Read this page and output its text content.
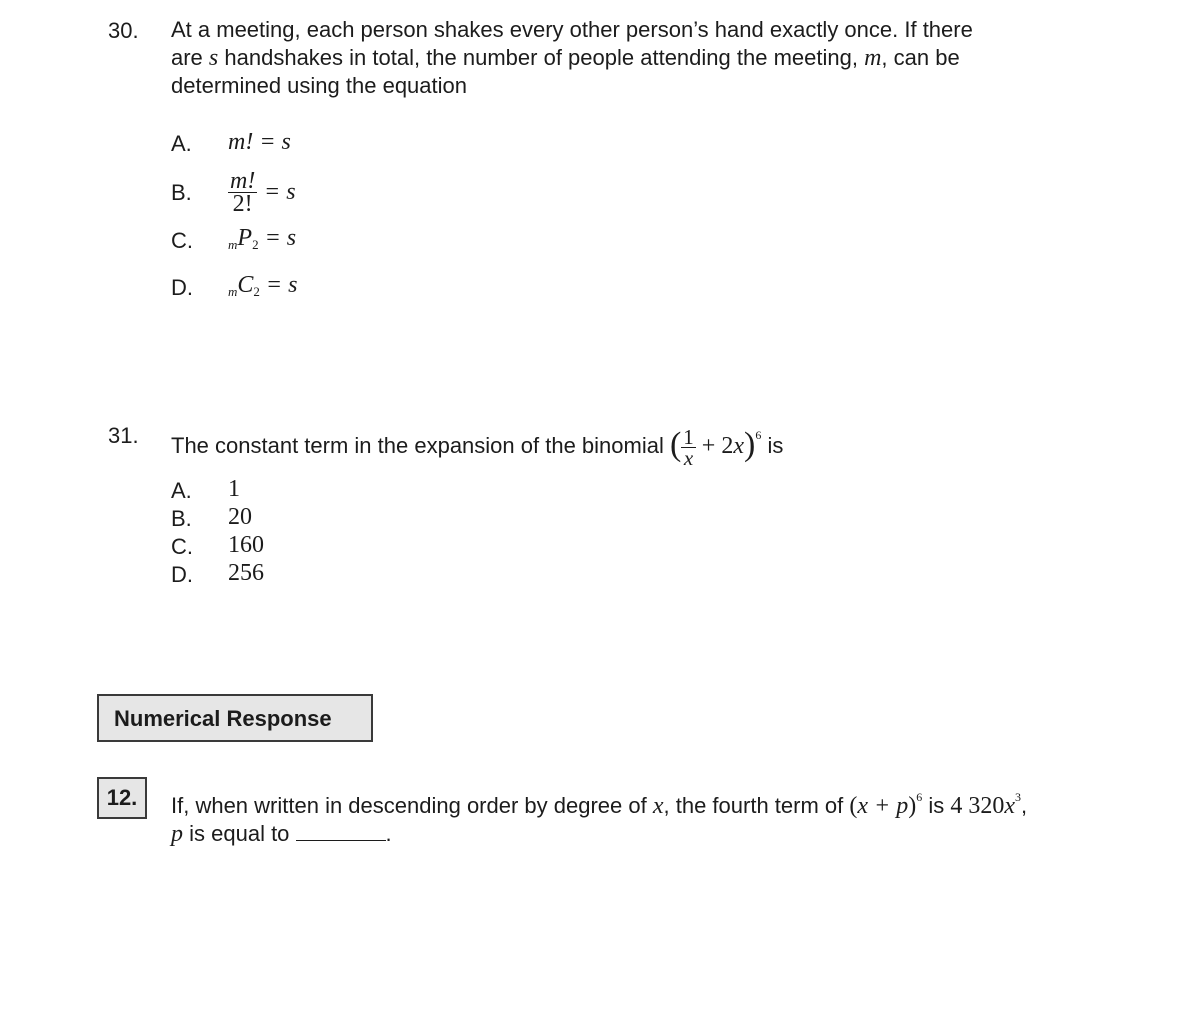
30. At a meeting, each person shakes every other person’s hand exactly once. If there
are s handshakes in total, the number of people attending the meeting, m, can be
determined using the equation
A. m! = s
B. $\frac{m!}{2!} = s$
C.	mP2 = s
D.	mC2 = s
31. The constant term in the expansion of the binomial ( $\frac{1}{x} + 2x)^6$ is
A. 1
B. 20
C. 160
D. 256
Numerical Response
12.	If, when written in descending order by degree of x, the fourth term of $(x + p)^6$ is 4 $320x^3$,
p is equal to	.
